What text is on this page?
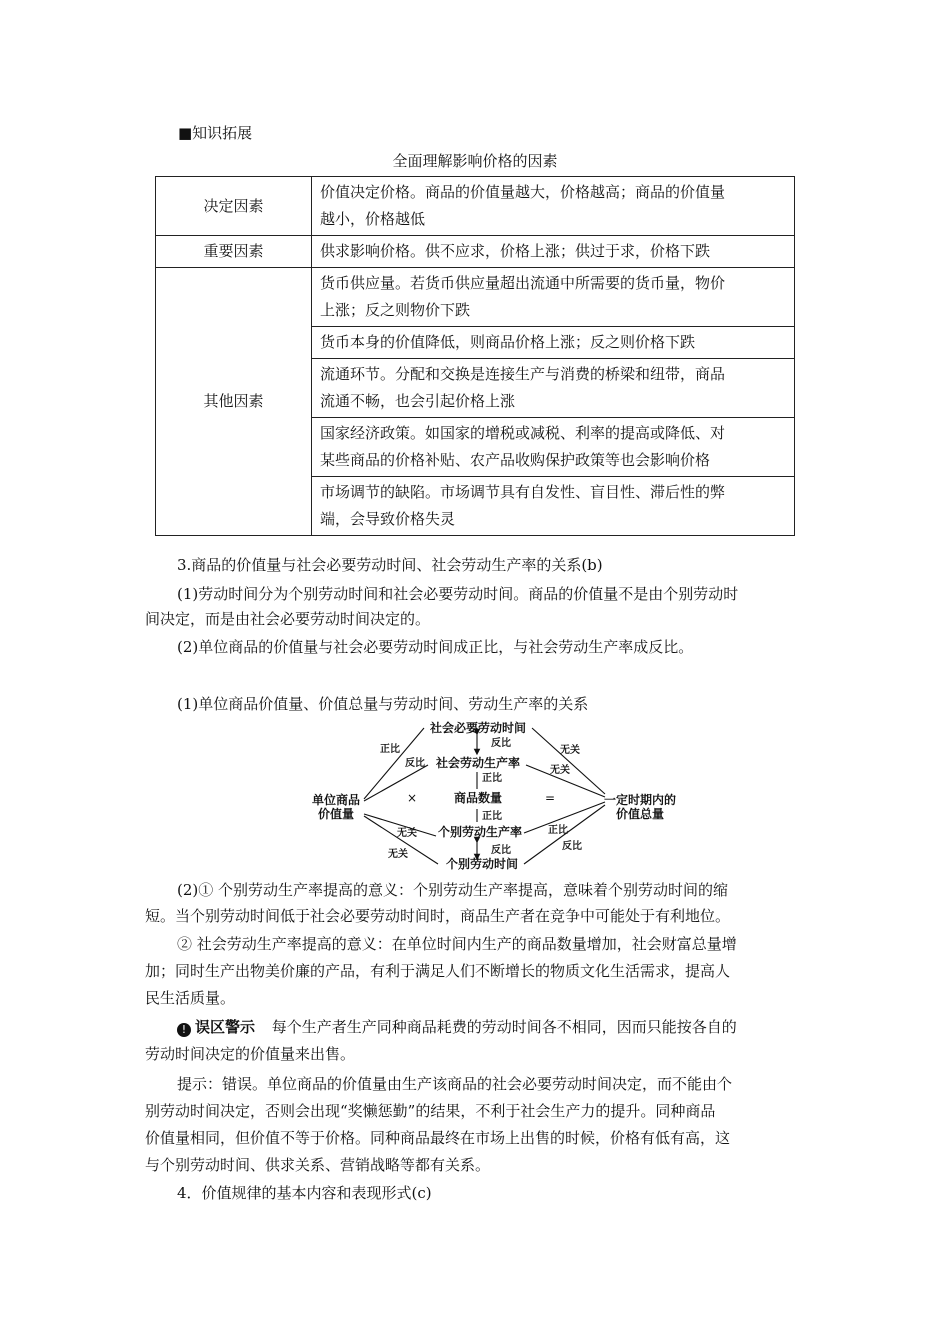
■知识拓展
全面理解影响价格的因素
决定因素	价值决定价格。商品的价值量越大，价格越高；商品的价值量
越小，价格越低

重要因素	供求影响价格。供不应求，价格上涨；供过于求，价格下跌

其他因素	货币供应量。若货币供应量超出流通中所需要的货币量，物价
上涨；反之则物价下跌

	货币本身的价值降低，则商品价格上涨；反之则价格下跌

	流通环节。分配和交换是连接生产与消费的桥梁和纽带，商品
流通不畅，也会引起价格上涨

	国家经济政策。如国家的增税或减税、利率的提高或降低、对
某些商品的价格补贴、农产品收购保护政策等也会影响价格

	市场调节的缺陷。市场调节具有自发性、盲目性、滞后性的弊
端，会导致价格失灵
3.商品的价值量与社会必要劳动时间、社会劳动生产率的关系(b)
(1)劳动时间分为个别劳动时间和社会必要劳动时间。商品的价值量不是由个别劳动时
间决定，而是由社会必要劳动时间决定的。
(2)单位商品的价值量与社会必要劳动时间成正比，与社会劳动生产率成反比。
(1)单位商品价值量、价值总量与劳动时间、劳动生产率的关系
社会必要劳动时间
社会劳动生产率
商品数量
个别劳动生产率
个别劳动时间
单位商品
价值量
一定时期内的
价值总量
×	=
正比
反比
反比
正比
正比
反比
无关
无关
无关
无关
正比
反比
(2)① 个别劳动生产率提高的意义：个别劳动生产率提高，意味着个别劳动时间的缩
短。当个别劳动时间低于社会必要劳动时间时，商品生产者在竞争中可能处于有利地位。
② 社会劳动生产率提高的意义：在单位时间内生产的商品数量增加，社会财富总量增
加；同时生产出物美价廉的产品，有利于满足人们不断增长的物质文化生活需求，提高人
民生活质量。
! 误区警示 每个生产者生产同种商品耗费的劳动时间各不相同，因而只能按各自的
劳动时间决定的价值量来出售。
提示：错误。单位商品的价值量由生产该商品的社会必要劳动时间决定，而不能由个
别劳动时间决定，否则会出现“奖懒惩勤”的结果，不利于社会生产力的提升。同种商品
价值量相同，但价值不等于价格。同种商品最终在市场上出售的时候，价格有低有高，这
与个别劳动时间、供求关系、营销战略等都有关系。
4．价值规律的基本内容和表现形式(c)
